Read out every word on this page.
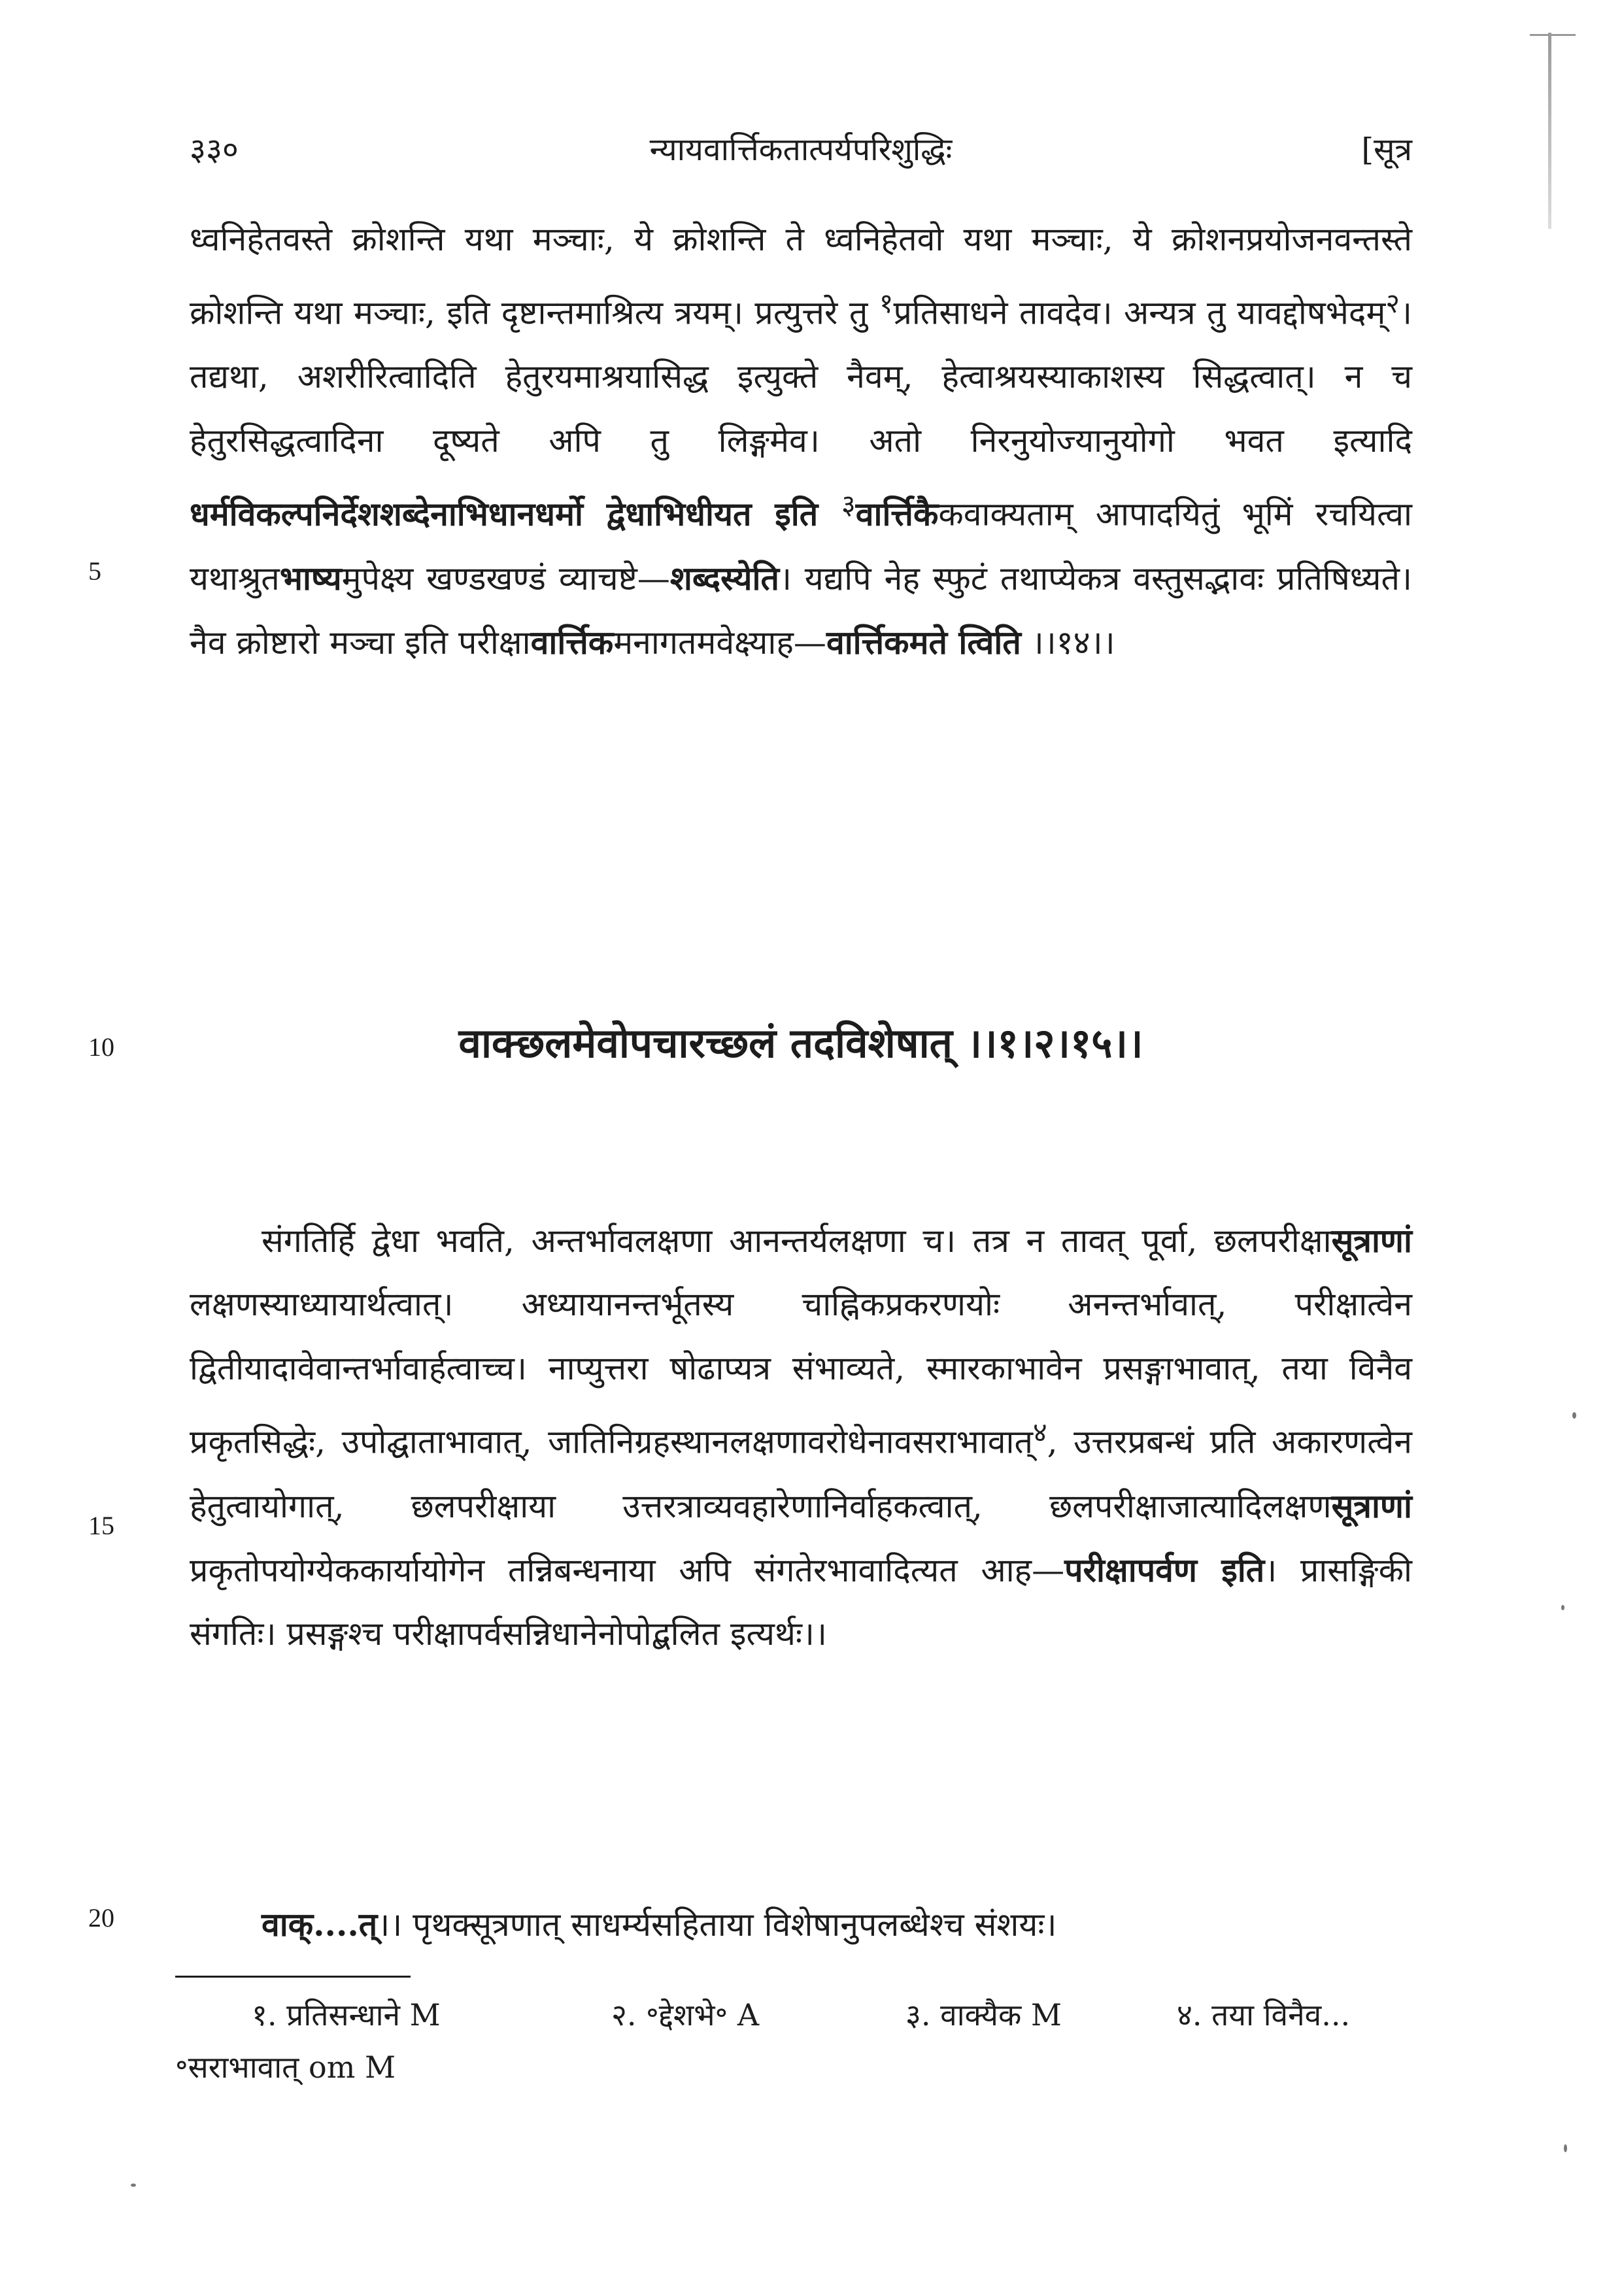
३३०	न्यायवार्त्तिकतात्पर्यपरिशुद्धिः	[सूत्र
ध्वनिहेतवस्ते क्रोशन्ति यथा मञ्चाः, ये क्रोशन्ति ते ध्वनिहेतवो यथा मञ्चाः, ये क्रोशनप्रयोजनवन्तस्ते क्रोशन्ति यथा मञ्चाः, इति दृष्टान्तमाश्रित्य त्रयम्। प्रत्युत्तरे तु $^१$प्रतिसाधने तावदेव। अन्यत्र तु यावद्दोषभेदम्$^२$। तद्यथा, अशरीरित्वादिति हेतुरयमाश्रयासिद्ध इत्युक्ते नैवम्, हेत्वाश्रयस्याकाशस्य सिद्धत्वात्। न च हेतुरसिद्धत्वादिना दूष्यते अपि तु लिङ्गमेव। अतो निरनुयोज्यानुयोगो भवत इत्यादि धर्मविकल्पनिर्देशशब्देनाभिधानधर्मो द्वेधाभिधीयत इति $^३$वार्त्तिकैकवाक्यताम् आपादयितुं भूमिं रचयित्वा यथाश्रुतभाष्यमुपेक्ष्य खण्डखण्डं व्याचष्टे—शब्दस्येति। यद्यपि नेह स्फुटं तथाप्येकत्र वस्तुसद्भावः प्रतिषिध्यते। नैव क्रोष्टारो मञ्चा इति परीक्षावार्त्तिकमनागतमवेक्ष्याह—वार्त्तिकमते त्विति ।।१४।।
5
10
15
20
वाक्छलमेवोपचारच्छलं तदविशेषात् ।।१।२।१५।।
संगतिर्हि द्वेधा भवति, अन्तर्भावलक्षणा आनन्तर्यलक्षणा च। तत्र न तावत् पूर्वा, छलपरीक्षासूत्राणां लक्षणस्याध्यायार्थत्वात्। अध्यायानन्तर्भूतस्य चाह्निकप्रकरणयोः अनन्तर्भावात्, परीक्षात्वेन द्वितीयादावेवान्तर्भावार्हत्वाच्च। नाप्युत्तरा षोढाप्यत्र संभाव्यते, स्मारकाभावेन प्रसङ्गाभावात्, तया विनैव प्रकृतसिद्धेः, उपोद्घाताभावात्, जातिनिग्रहस्थानलक्षणावरोधेनावसराभावात्$^४$, उत्तरप्रबन्धं प्रति अकारणत्वेन हेतुत्वायोगात्, छलपरीक्षाया उत्तरत्राव्यवहारेणानिर्वाहकत्वात्, छलपरीक्षाजात्यादिलक्षणसूत्राणां प्रकृतोपयोग्येककार्यायोगेन तन्निबन्धनाया अपि संगतेरभावादित्यत आह—परीक्षापर्वण इति। प्रासङ्गिकी संगतिः। प्रसङ्गश्च परीक्षापर्वसन्निधानेनोपोद्बलित इत्यर्थः।।
वाक्....त्।। पृथक्सूत्रणात् साधर्म्यसहिताया विशेषानुपलब्धेश्च संशयः।
१. प्रतिसन्धाने M	२. ॰द्देशभे॰ A	३. वाक्यैक M	४. तया विनैव...
॰सराभावात् om M
